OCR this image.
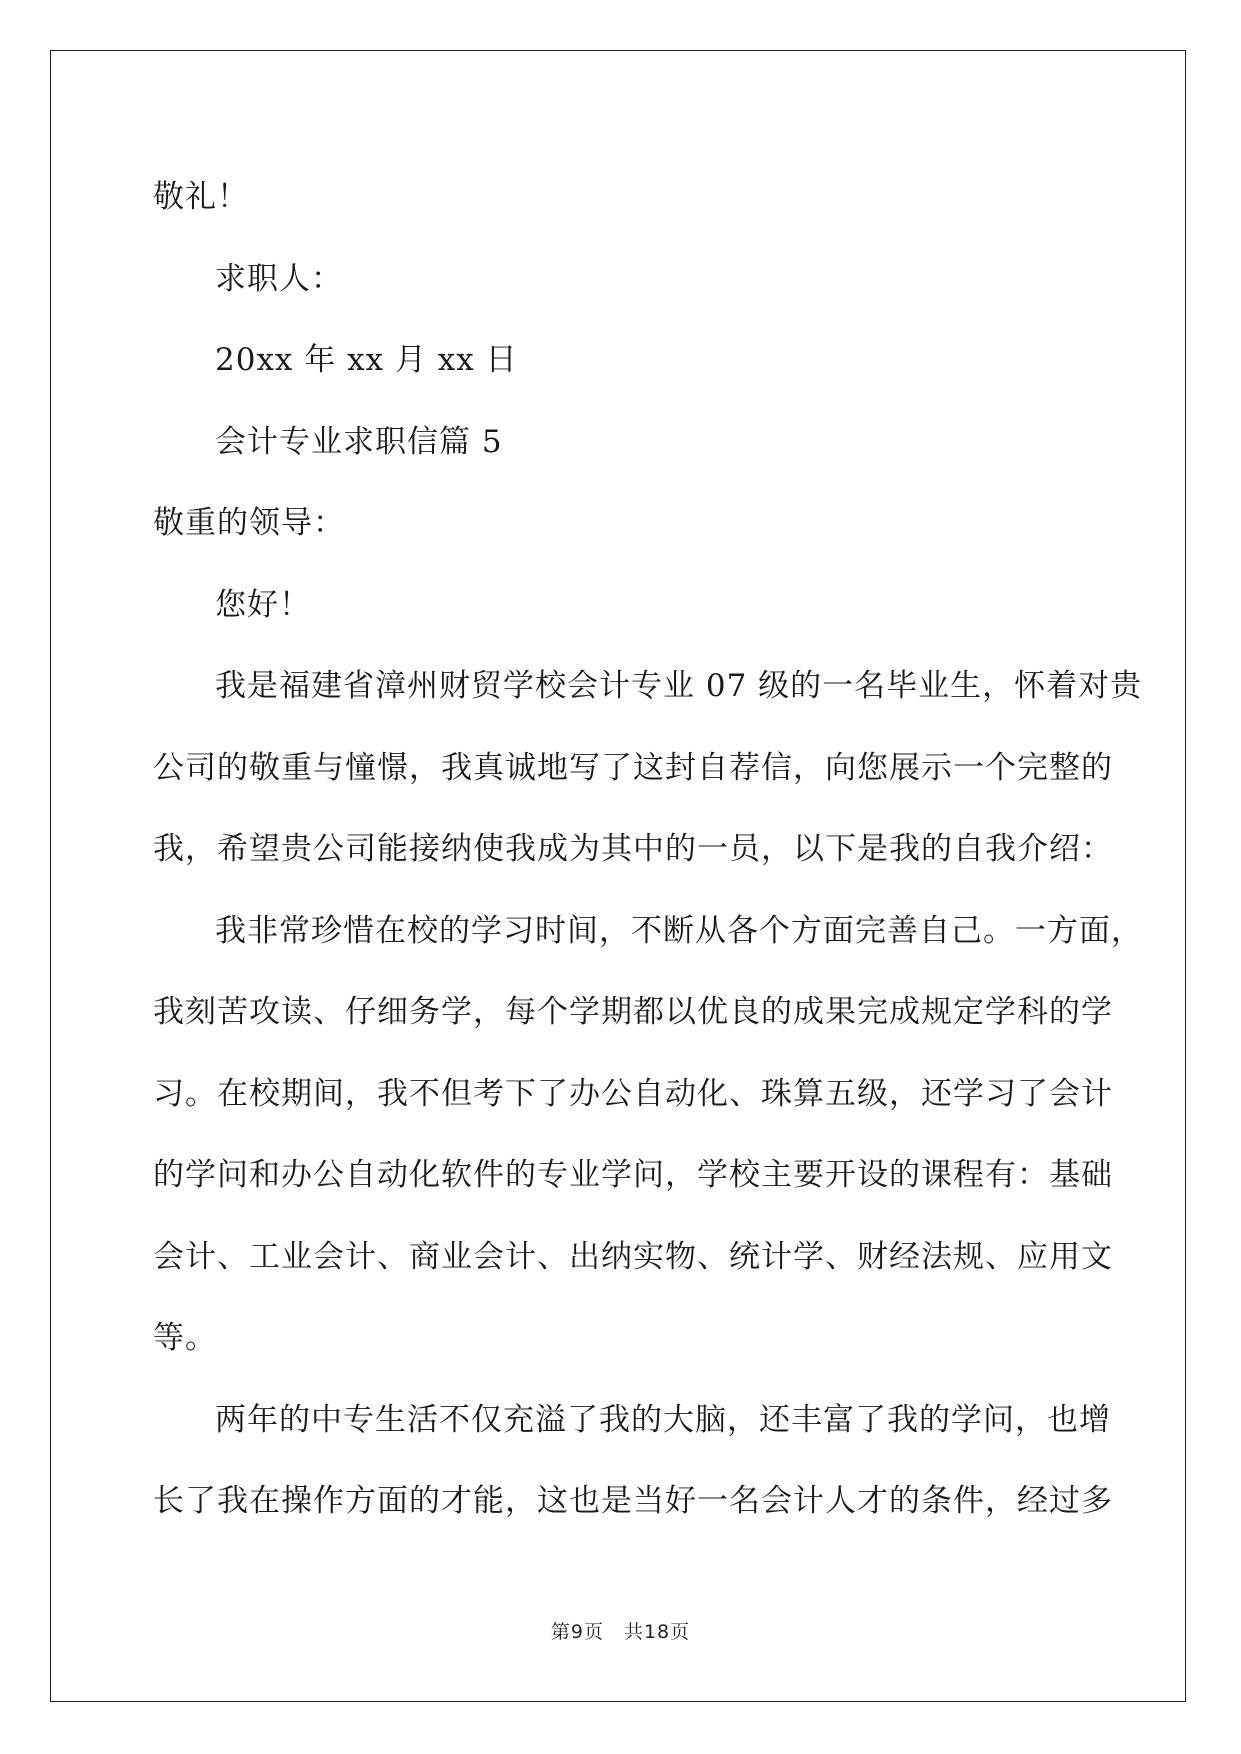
敬礼！
求职人：
20xx 年 xx 月 xx 日
会计专业求职信篇 5
敬重的领导：
您好！
我是福建省漳州财贸学校会计专业 07 级的一名毕业生，怀着对贵
公司的敬重与憧憬，我真诚地写了这封自荐信，向您展示一个完整的
我，希望贵公司能接纳使我成为其中的一员，以下是我的自我介绍：
我非常珍惜在校的学习时间，不断从各个方面完善自己。一方面，
我刻苦攻读、仔细务学，每个学期都以优良的成果完成规定学科的学
习。在校期间，我不但考下了办公自动化、珠算五级，还学习了会计
的学问和办公自动化软件的专业学问，学校主要开设的课程有：基础
会计、工业会计、商业会计、出纳实物、统计学、财经法规、应用文
等。
两年的中专生活不仅充溢了我的大脑，还丰富了我的学问，也增
长了我在操作方面的才能，这也是当好一名会计人才的条件，经过多
第9页　共18页
